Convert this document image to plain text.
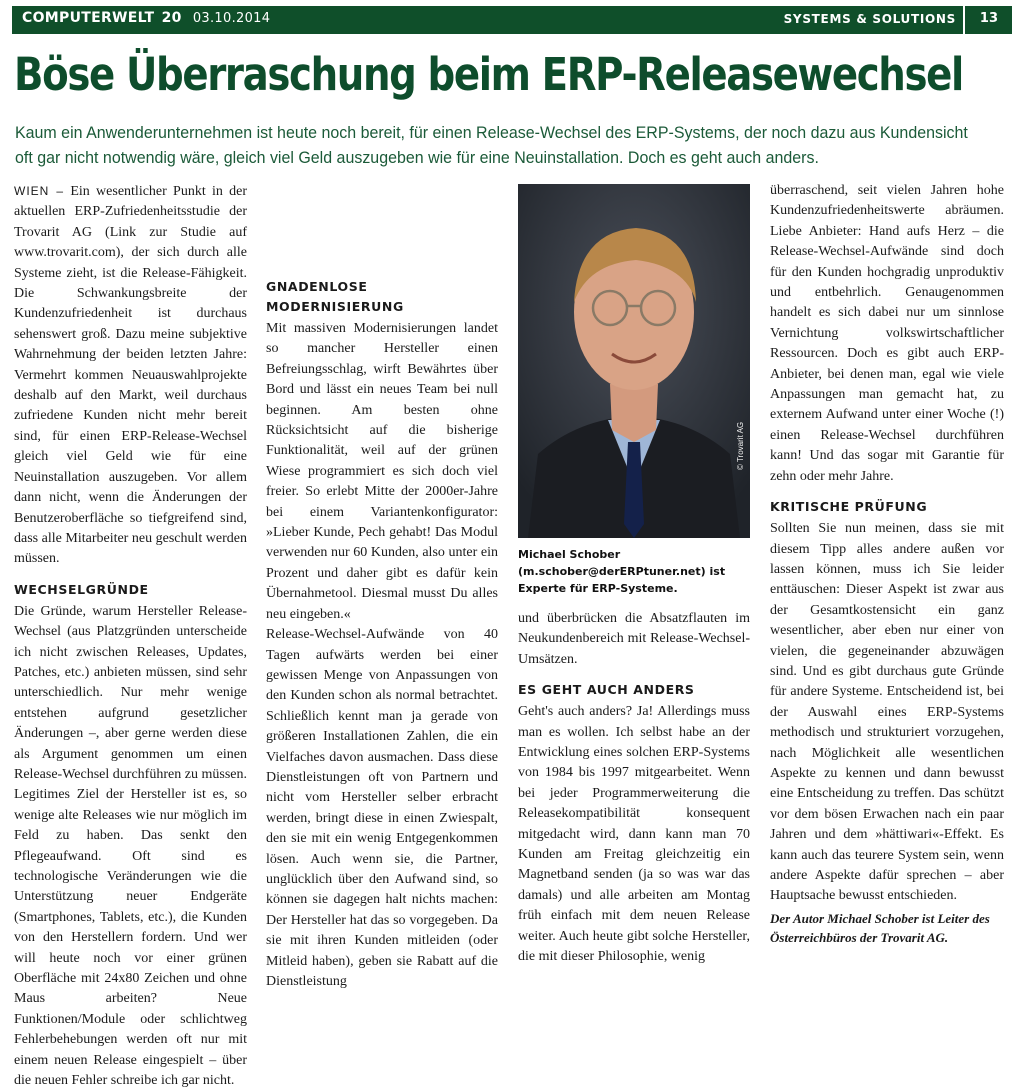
COMPUTERWELT 20 03.10.2014	SYSTEMS & SOLUTIONS 13
Böse Überraschung beim ERP-Releasewechsel
Kaum ein Anwenderunternehmen ist heute noch bereit, für einen Release-Wechsel des ERP-Systems, der noch dazu aus Kundensicht oft gar nicht notwendig wäre, gleich viel Geld auszugeben wie für eine Neuinstallation. Doch es geht auch anders.

WIEN – Ein wesentlicher Punkt in der aktuellen ERP-Zufriedenheitsstudie der Trovarit AG (Link zur Studie auf www.trovarit.com), der sich durch alle Systeme zieht, ist die Release-Fähigkeit. Die Schwankungsbreite der Kundenzufriedenheit ist durchaus sehenswert groß. Dazu meine subjektive Wahrnehmung der beiden letzten Jahre: Vermehrt kommen Neuauswahlprojekte deshalb auf den Markt, weil durchaus zufriedene Kunden nicht mehr bereit sind, für einen ERP-Release-Wechsel gleich viel Geld wie für eine Neuinstallation auszugeben. Vor allem dann nicht, wenn die Änderungen der Benutzeroberfläche so tiefgreifend sind, dass alle Mitarbeiter neu geschult werden müssen.

WECHSELGRÜNDE

Die Gründe, warum Hersteller Release-Wechsel (aus Platzgründen unterscheide ich nicht zwischen Releases, Updates, Patches, etc.) anbieten müssen, sind sehr unterschiedlich. Nur mehr wenige entstehen aufgrund gesetzlicher Änderungen –, aber gerne werden diese als Argument genommen um einen Release-Wechsel durchführen zu müssen. Legitimes Ziel der Hersteller ist es, so wenige alte Releases wie nur möglich im Feld zu haben. Das senkt den Pflegeaufwand. Oft sind es technologische Veränderungen wie die Unterstützung neuer Endgeräte (Smartphones, Tablets, etc.), die Kunden von den Herstellern fordern. Und wer will heute noch vor einer grünen Oberfläche mit 24x80 Zeichen und ohne Maus arbeiten? Neue Funktionen/Module oder schlichtweg Fehlerbehebungen werden oft nur mit einem neuen Release eingespielt – über die neuen Fehler schreibe ich gar nicht.

GNADENLOSE MODERNISIERUNG

Mit massiven Modernisierungen landet so mancher Hersteller einen Befreiungsschlag, wirft Bewährtes über Bord und lässt ein neues Team bei null beginnen. Am besten ohne Rücksichtsicht auf die bisherige Funktionalität, weil auf der grünen Wiese programmiert es sich doch viel freier. So erlebt Mitte der 2000er-Jahre bei einem Variantenkonfigurator: »Lieber Kunde, Pech gehabt! Das Modul verwenden nur 60 Kunden, also unter ein Prozent und daher gibt es dafür kein Übernahmetool. Diesmal musst Du alles neu eingeben.«

Release-Wechsel-Aufwände von 40 Tagen aufwärts werden bei einer gewissen Menge von Anpassungen von den Kunden schon als normal betrachtet. Schließlich kennt man ja gerade von größeren Installationen Zahlen, die ein Vielfaches davon ausmachen. Dass diese Dienstleistungen oft von Partnern und nicht vom Hersteller selber erbracht werden, bringt diese in einen Zwiespalt, den sie mit ein wenig Entgegenkommen lösen. Auch wenn sie, die Partner, unglücklich über den Aufwand sind, so können sie dagegen halt nichts machen: Der Hersteller hat das so vorgegeben. Da sie mit ihren Kunden mitleiden (oder Mitleid haben), geben sie Rabatt auf die Dienstleistung

© Trovarit AG
Michael Schober (m.schober@derERPtuner.net) ist Experte für ERP-Systeme.

und überbrücken die Absatzflauten im Neukundenbereich mit Release-Wechsel-Umsätzen.

ES GEHT AUCH ANDERS

Geht's auch anders? Ja! Allerdings muss man es wollen. Ich selbst habe an der Entwicklung eines solchen ERP-Systems von 1984 bis 1997 mitgearbeitet. Wenn bei jeder Programmerweiterung die Releasekompatibilität konsequent mitgedacht wird, dann kann man 70 Kunden am Freitag gleichzeitig ein Magnetband senden (ja so was war das damals) und alle arbeiten am Montag früh einfach mit dem neuen Release weiter. Auch heute gibt solche Hersteller, die mit dieser Philosophie, wenig

überraschend, seit vielen Jahren hohe Kundenzufriedenheitswerte abräumen. Liebe Anbieter: Hand aufs Herz – die Release-Wechsel-Aufwände sind doch für den Kunden hochgradig unproduktiv und entbehrlich. Genaugenommen handelt es sich dabei nur um sinnlose Vernichtung volkswirtschaftlicher Ressourcen. Doch es gibt auch ERP-Anbieter, bei denen man, egal wie viele Anpassungen man gemacht hat, zu externem Aufwand unter einer Woche (!) einen Release-Wechsel durchführen kann! Und das sogar mit Garantie für zehn oder mehr Jahre.

KRITISCHE PRÜFUNG

Sollten Sie nun meinen, dass sie mit diesem Tipp alles andere außen vor lassen können, muss ich Sie leider enttäuschen: Dieser Aspekt ist zwar aus der Gesamtkostensicht ein ganz wesentlicher, aber eben nur einer von vielen, die gegeneinander abzuwägen sind. Und es gibt durchaus gute Gründe für andere Systeme. Entscheidend ist, bei der Auswahl eines ERP-Systems methodisch und strukturiert vorzugehen, nach Möglichkeit alle wesentlichen Aspekte zu kennen und dann bewusst eine Entscheidung zu treffen. Das schützt vor dem bösen Erwachen nach ein paar Jahren und dem »hättiwari«-Effekt. Es kann auch das teurere System sein, wenn andere Aspekte dafür sprechen – aber Hauptsache bewusst entschieden.

Der Autor Michael Schober ist Leiter des Österreichbüros der Trovarit AG.
